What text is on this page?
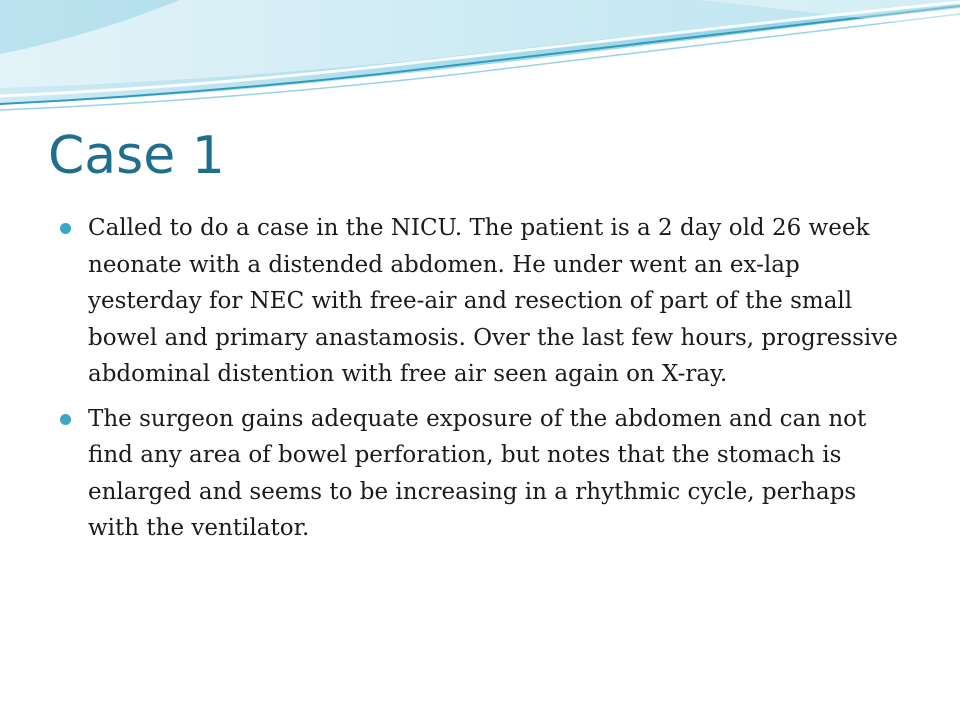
Case 1
Called to do a case in the NICU. The patient is a 2 day old 26 week neonate with a distended abdomen. He under went an ex-lap yesterday for NEC with free-air and resection of part of the small bowel and primary anastamosis. Over the last few hours, progressive abdominal distention with free air seen again on X-ray.
The surgeon gains adequate exposure of the abdomen and can not find any area of bowel perforation, but notes that the stomach is enlarged and seems to be increasing in a rhythmic cycle, perhaps with the ventilator.
